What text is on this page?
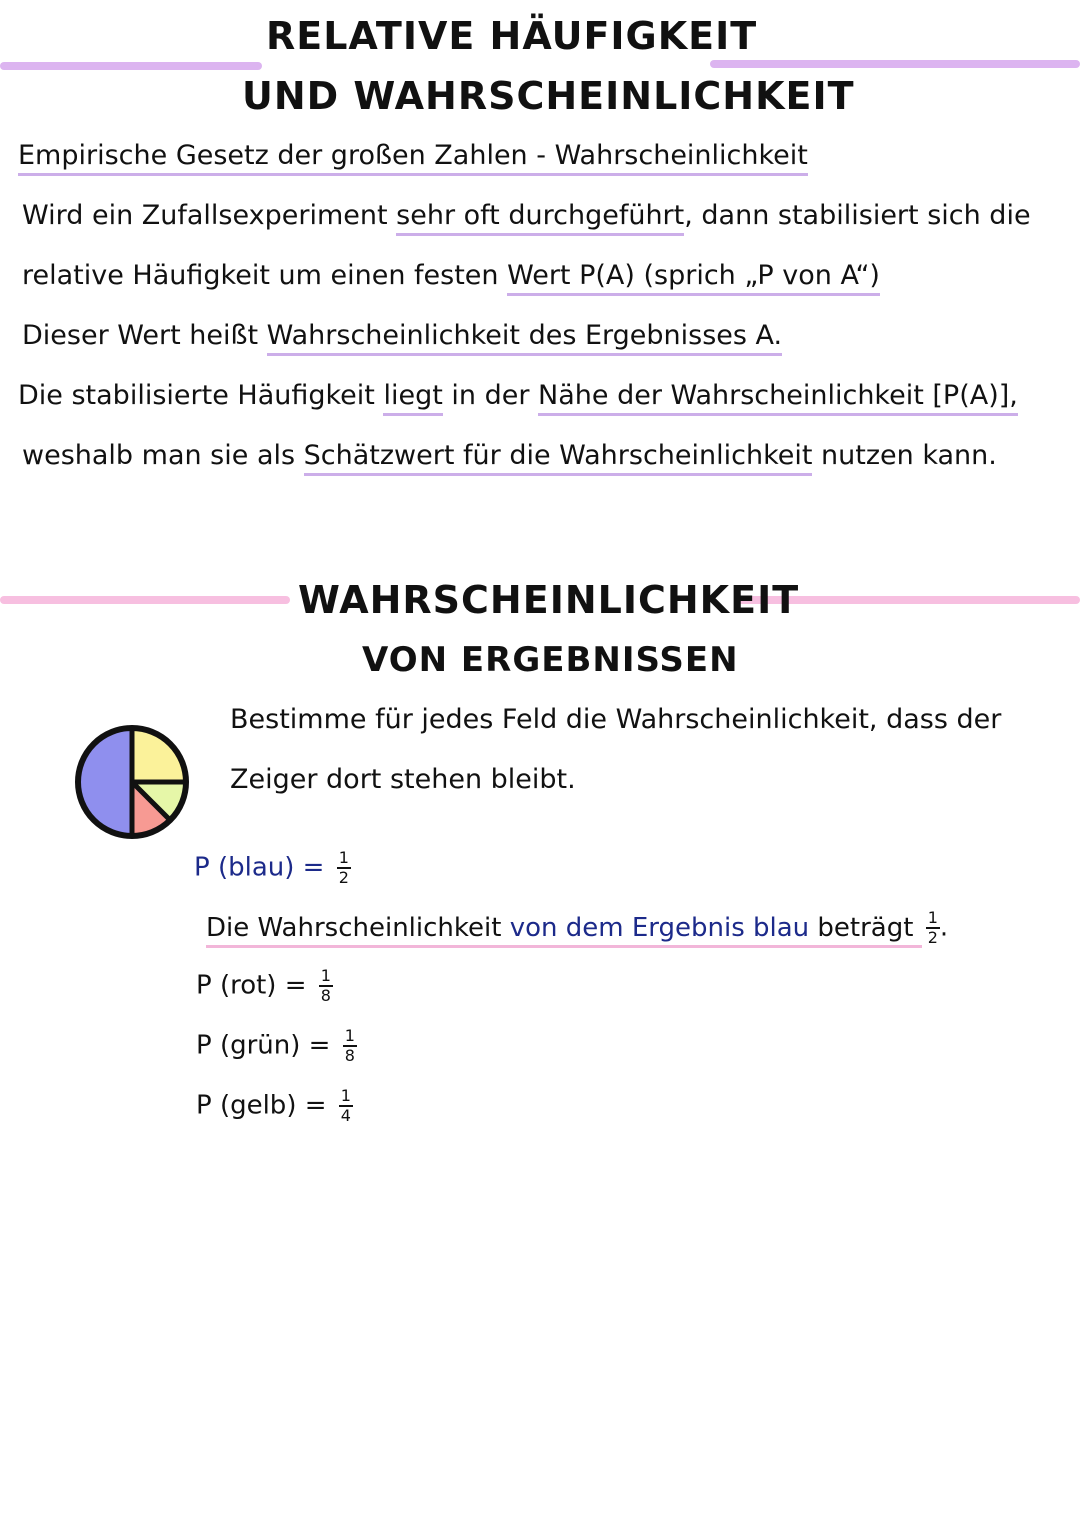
RELATIVE HÄUFIGKEIT
UND WAHRSCHEINLICHKEIT
Empirische Gesetz der großen Zahlen - Wahrscheinlichkeit
Wird ein Zufallsexperiment sehr oft durchgeführt, dann stabilisiert sich die
relative Häufigkeit um einen festen Wert P(A) (sprich „P von A“)
Dieser Wert heißt Wahrscheinlichkeit des Ergebnisses A.
Die stabilisierte Häufigkeit liegt in der Nähe der Wahrscheinlichkeit [P(A)],
weshalb man sie als Schätzwert für die Wahrscheinlichkeit nutzen kann.
WAHRSCHEINLICHKEIT
VON ERGEBNISSEN
Bestimme für jedes Feld die Wahrscheinlichkeit, dass der
Zeiger dort stehen bleibt.
P (blau) = $\frac{1}{2}$
Die Wahrscheinlichkeit von dem Ergebnis blau beträgt $\frac{1}{2}$ .
P $(rot) = \frac{1}{8}$
P (grün) = $\frac{1}{8}$
P (gelb) = $\frac{1}{4}$
